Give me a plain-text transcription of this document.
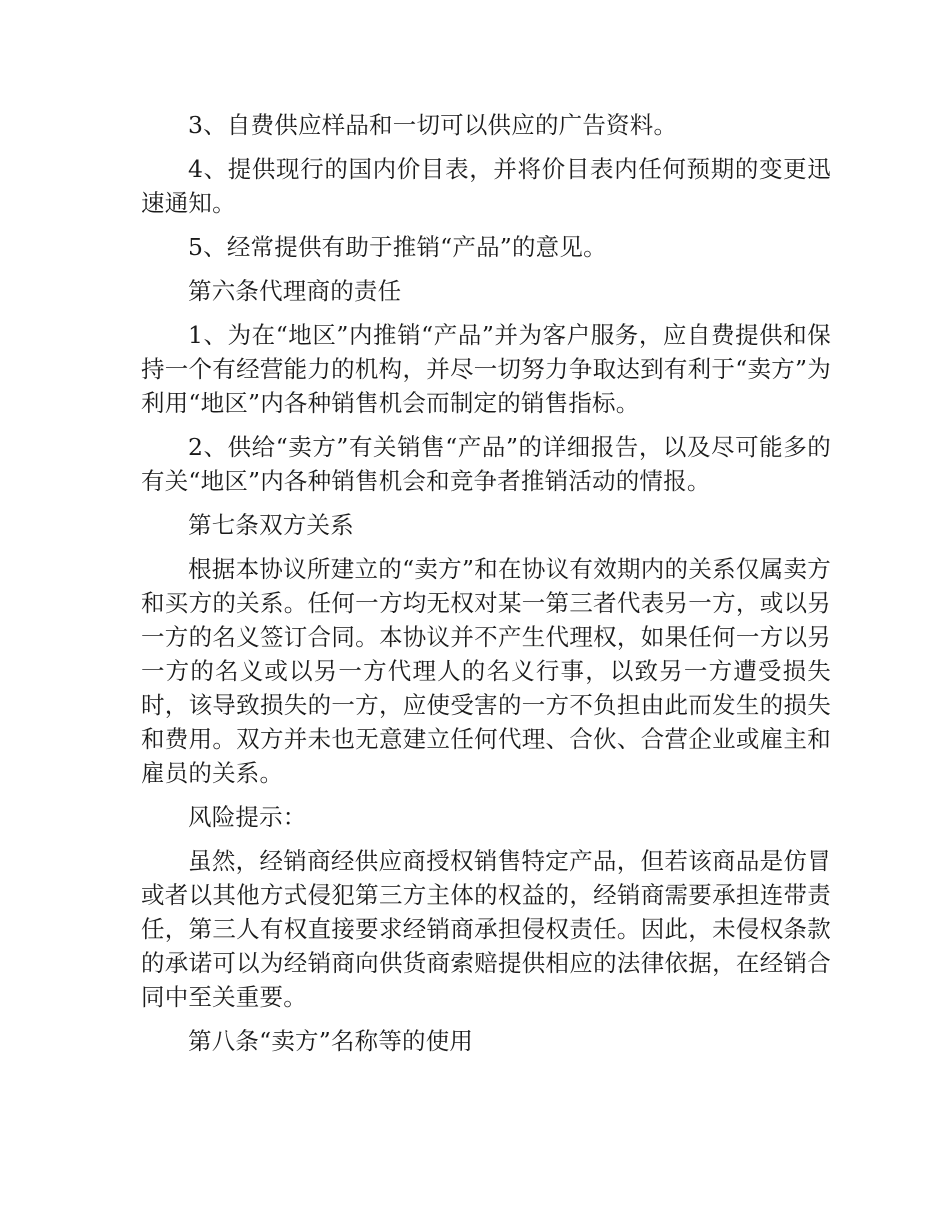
3、自费供应样品和一切可以供应的广告资料。

4、提供现行的国内价目表，并将价目表内任何预期的变更迅速通知。

5、经常提供有助于推销“产品”的意见。

第六条代理商的责任

1、为在“地区”内推销“产品”并为客户服务，应自费提供和保持一个有经营能力的机构，并尽一切努力争取达到有利于“卖方”为利用“地区”内各种销售机会而制定的销售指标。

2、供给“卖方”有关销售“产品”的详细报告，以及尽可能多的有关“地区”内各种销售机会和竞争者推销活动的情报。

第七条双方关系

根据本协议所建立的“卖方”和在协议有效期内的关系仅属卖方和买方的关系。任何一方均无权对某一第三者代表另一方，或以另一方的名义签订合同。本协议并不产生代理权，如果任何一方以另一方的名义或以另一方代理人的名义行事，以致另一方遭受损失时，该导致损失的一方，应使受害的一方不负担由此而发生的损失和费用。双方并未也无意建立任何代理、合伙、合营企业或雇主和雇员的关系。

风险提示：

虽然，经销商经供应商授权销售特定产品，但若该商品是仿冒或者以其他方式侵犯第三方主体的权益的，经销商需要承担连带责任，第三人有权直接要求经销商承担侵权责任。因此，未侵权条款的承诺可以为经销商向供货商索赔提供相应的法律依据，在经销合同中至关重要。

第八条“卖方”名称等的使用
